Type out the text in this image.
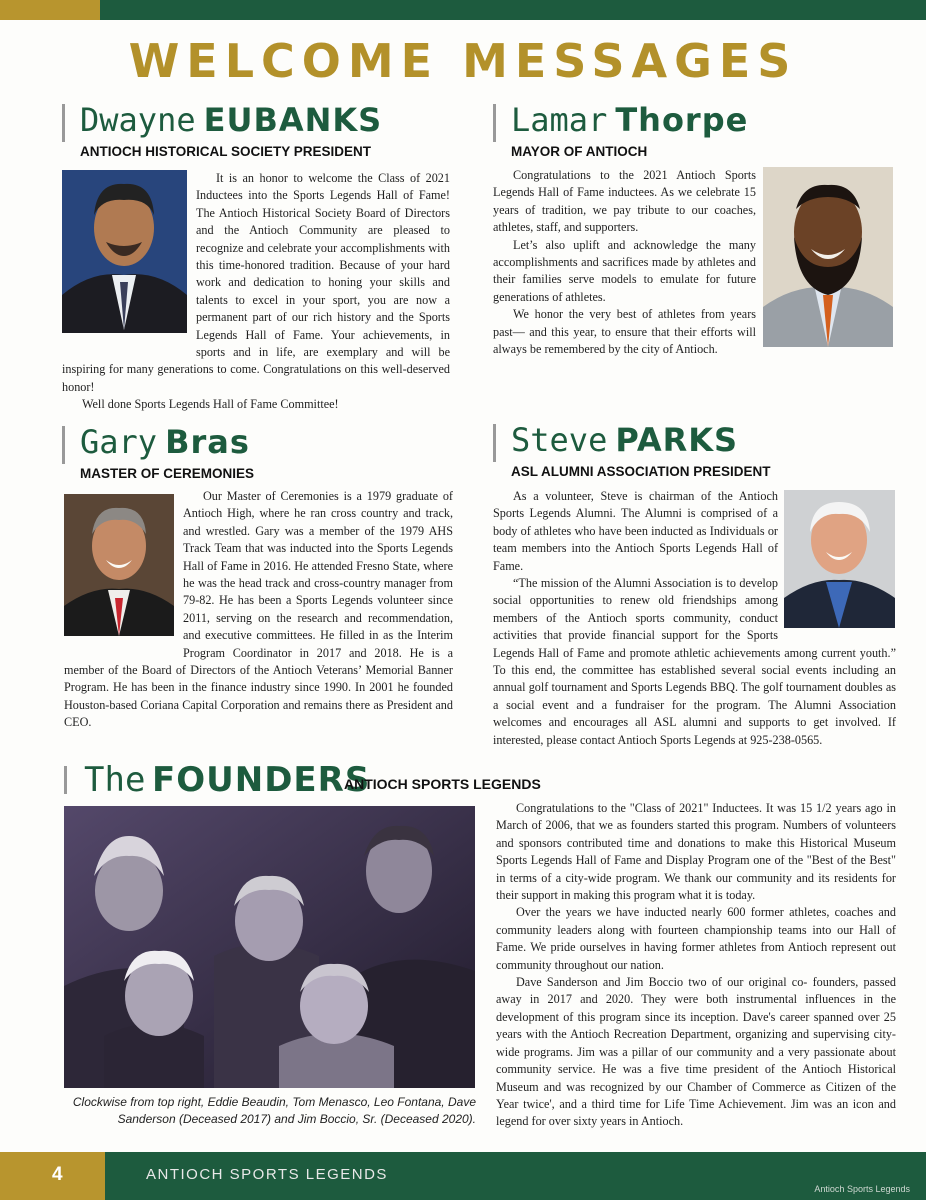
WELCOME MESSAGES
Dwayne EUBANKS
ANTIOCH HISTORICAL SOCIETY PRESIDENT

It is an honor to welcome the Class of 2021 Inductees into the Sports Legends Hall of Fame! The Antioch Historical Society Board of Directors and the Antioch Community are pleased to recognize and celebrate your accomplishments with this time-honored tradition. Because of your hard work and dedication to honing your skills and talents to excel in your sport, you are now a permanent part of our rich history and the Sports Legends Hall of Fame. Your achievements, in sports and in life, are exemplary and will be inspiring for many generations to come. Congratulations on this well-deserved honor!

Well done Sports Legends Hall of Fame Committee!

Lamar Thorpe
MAYOR OF ANTIOCH

Congratulations to the 2021 Antioch Sports Legends Hall of Fame inductees. As we celebrate 15 years of tradition, we pay tribute to our coaches, athletes, staff, and supporters.

Let’s also uplift and acknowledge the many accomplishments and sacrifices made by athletes and their families serve models to emulate for future generations of athletes.

We honor the very best of athletes from years past— and this year, to ensure that their efforts will always be remembered by the city of Antioch.

Gary Bras
MASTER OF CEREMONIES

Our Master of Ceremonies is a 1979 graduate of Antioch High, where he ran cross country and track, and wrestled. Gary was a member of the 1979 AHS Track Team that was inducted into the Sports Legends Hall of Fame in 2016. He attended Fresno State, where he was the head track and cross-country manager from 79-82. He has been a Sports Legends volunteer since 2011, serving on the research and recommendation, and executive committees. He filled in as the Interim Program Coordinator in 2017 and 2018. He is a member of the Board of Directors of the Antioch Veterans’ Memorial Banner Program. He has been in the finance industry since 1990. In 2001 he founded Houston-based Coriana Capital Corporation and remains there as President and CEO.

Steve PARKS
ASL ALUMNI ASSOCIATION PRESIDENT

As a volunteer, Steve is chairman of the Antioch Sports Legends Alumni. The Alumni is comprised of a body of athletes who have been inducted as Individuals or team members into the Antioch Sports Legends Hall of Fame.

“The mission of the Alumni Association is to develop social opportunities to renew old friendships among members of the Antioch sports community, conduct activities that provide financial support for the Sports Legends Hall of Fame and promote athletic achievements among current youth.” To this end, the committee has established several social events including an annual golf tournament and Sports Legends BBQ. The golf tournament doubles as a social event and a fundraiser for the program. The Alumni Association welcomes and encourages all ASL alumni and supports to get involved. If interested, please contact Antioch Sports Legends at 925-238-0565.

The FOUNDERS
ANTIOCH SPORTS LEGENDS
Clockwise from top right, Eddie Beaudin, Tom Menasco, Leo Fontana, Dave Sanderson (Deceased 2017) and Jim Boccio, Sr. (Deceased 2020).

Congratulations to the "Class of 2021" Inductees. It was 15 1/2 years ago in March of 2006, that we as founders started this program. Numbers of volunteers and sponsors contributed time and donations to make this Historical Museum Sports Legends Hall of Fame and Display Program one of the "Best of the Best" in terms of a city-wide program. We thank our community and its residents for their support in making this program what it is today.

Over the years we have inducted nearly 600 former athletes, coaches and community leaders along with fourteen championship teams into our Hall of Fame. We pride ourselves in having former athletes from Antioch represent out community throughout our nation.

Dave Sanderson and Jim Boccio two of our original co- founders, passed away in 2017 and 2020. They were both instrumental influences in the development of this program since its inception. Dave's career spanned over 25 years with the Antioch Recreation Department, organizing and supervising city-wide programs. Jim was a pillar of our community and a very passionate about community service. He was a five time president of the Antioch Historical Museum and was recognized by our Chamber of Commerce as Citizen of the Year twice', and a third time for Life Time Achievement. Jim was an icon and legend for over sixty years in Antioch.

4	ANTIOCH SPORTS LEGENDS
Antioch Sports Legends
